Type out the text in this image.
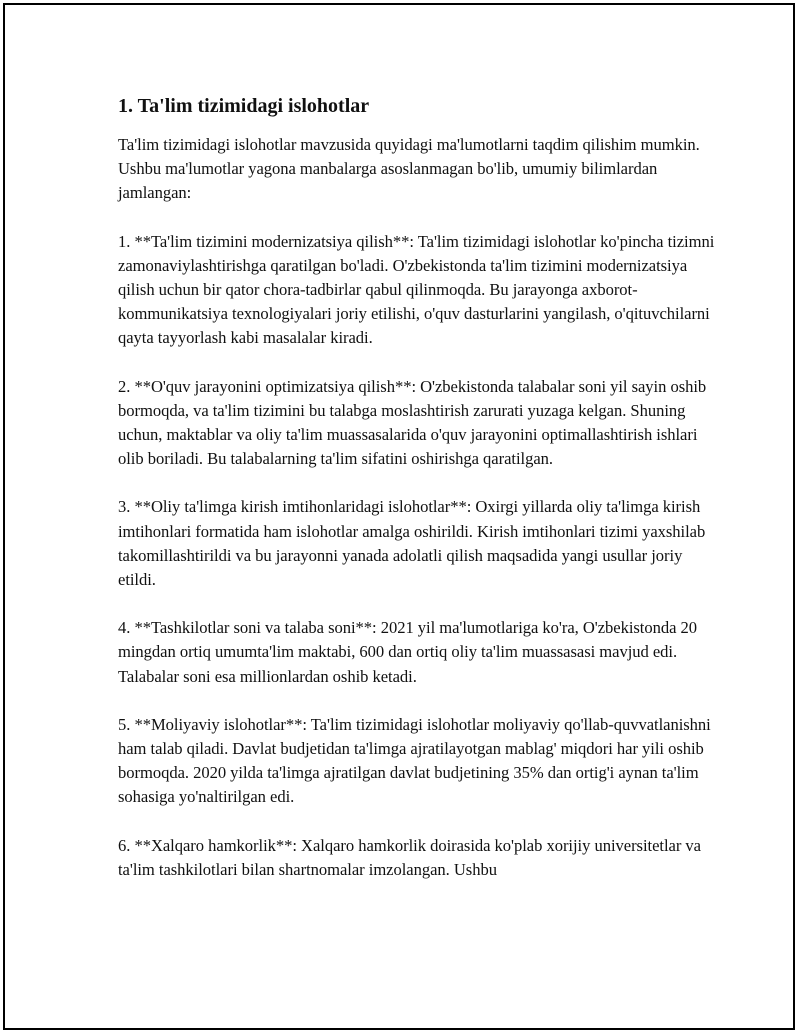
1. Ta'lim tizimidagi islohotlar

Ta'lim tizimidagi islohotlar mavzusida quyidagi ma'lumotlarni taqdim qilishim mumkin. Ushbu ma'lumotlar yagona manbalarga asoslanmagan bo'lib, umumiy bilimlardan jamlangan:

1. **Ta'lim tizimini modernizatsiya qilish**: Ta'lim tizimidagi islohotlar ko'pincha tizimni zamonaviylashtirishga qaratilgan bo'ladi. O'zbekistonda ta'lim tizimini modernizatsiya qilish uchun bir qator chora-tadbirlar qabul qilinmoqda. Bu jarayonga axborot-kommunikatsiya texnologiyalari joriy etilishi, o'quv dasturlarini yangilash, o'qituvchilarni qayta tayyorlash kabi masalalar kiradi.

2. **O'quv jarayonini optimizatsiya qilish**: O'zbekistonda talabalar soni yil sayin oshib bormoqda, va ta'lim tizimini bu talabga moslashtirish zarurati yuzaga kelgan. Shuning uchun, maktablar va oliy ta'lim muassasalarida o'quv jarayonini optimallashtirish ishlari olib boriladi. Bu talabalarning ta'lim sifatini oshirishga qaratilgan.

3. **Oliy ta'limga kirish imtihonlaridagi islohotlar**: Oxirgi yillarda oliy ta'limga kirish imtihonlari formatida ham islohotlar amalga oshirildi. Kirish imtihonlari tizimi yaxshilab takomillashtirildi va bu jarayonni yanada adolatli qilish maqsadida yangi usullar joriy etildi.

4. **Tashkilotlar soni va talaba soni**: 2021 yil ma'lumotlariga ko'ra, O'zbekistonda 20 mingdan ortiq umumta'lim maktabi, 600 dan ortiq oliy ta'lim muassasasi mavjud edi. Talabalar soni esa millionlardan oshib ketadi.

5. **Moliyaviy islohotlar**: Ta'lim tizimidagi islohotlar moliyaviy qo'llab-quvvatlanishni ham talab qiladi. Davlat budjetidan ta'limga ajratilayotgan mablag' miqdori har yili oshib bormoqda. 2020 yilda ta'limga ajratilgan davlat budjetining 35% dan ortig'i aynan ta'lim sohasiga yo'naltirilgan edi.

6. **Xalqaro hamkorlik**: Xalqaro hamkorlik doirasida ko'plab xorijiy universitetlar va ta'lim tashkilotlari bilan shartnomalar imzolangan. Ushbu
